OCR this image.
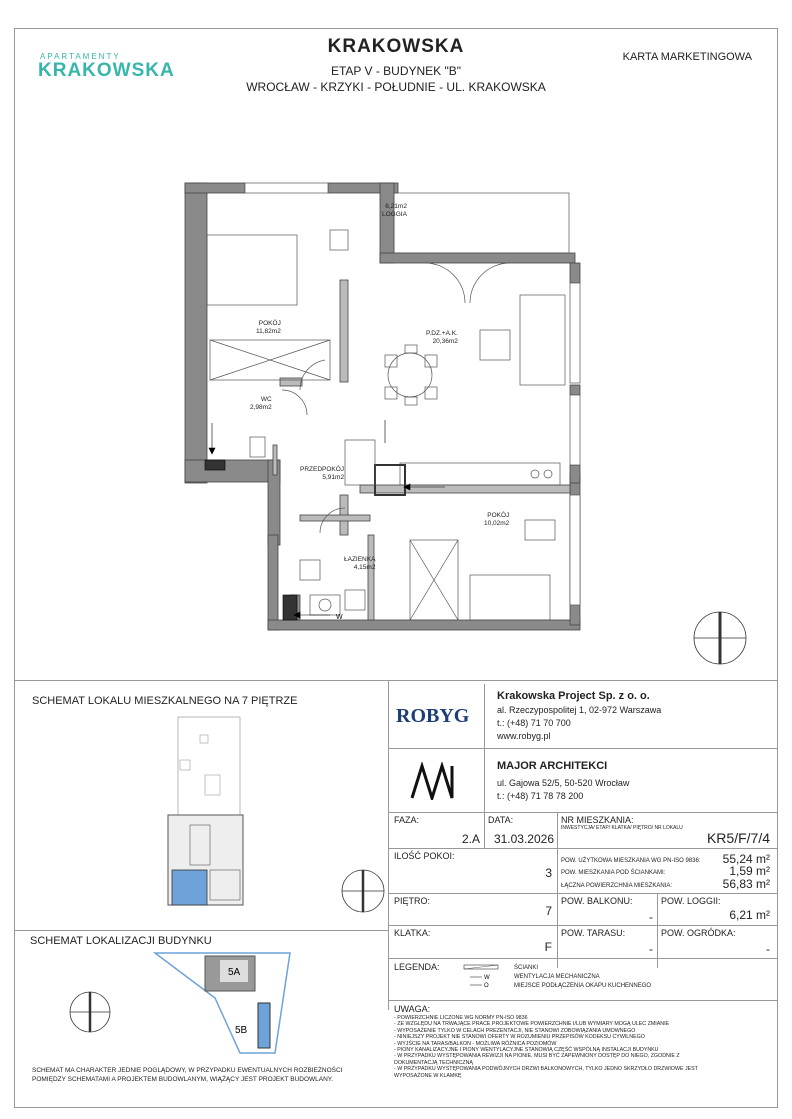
APARTAMENTY
KRAKOWSKA
KRAKOWSKA
ETAP V - BUDYNEK "B"
WROCŁAW - KRZYKI - POŁUDNIE - UL. KRAKOWSKA
KARTA MARKETINGOWA
W
6,21m2
LOGGIA
POKÓJ
11,82m2	P.DZ.+A.K.
20,36m2
WC
2,98m2
PRZEDPOKÓJ
5,91m2
POKÓJ
10,02m2
ŁAZIENKA
4,15m2
SCHEMAT LOKALU MIESZKALNEGO NA 7 PIĘTRZE
SCHEMAT LOKALIZACJI BUDYNKU
5A
5B
SCHEMAT MA CHARAKTER JEDNIE POGLĄDOWY, W PRZYPADKU EWENTUALNYCH ROZBIEŻNOŚCI POMIĘDZY SCHEMATAMI A PROJEKTEM BUDOWLANYM, WIĄŻĄCY JEST PROJEKT BUDOWLANY.
ROBYG
Krakowska Project Sp. z o. o.
al. Rzeczypospolitej 1, 02-972 Warszawa
t.: (+48) 71 70 700
www.robyg.pl
MAJOR ARCHITEKCI
ul. Gajowa 52/5, 50-520 Wrocław
t.: (+48) 71 78 78 200
FAZA:
2.A
DATA:
31.03.2026
NR MIESZKANIA:
INWESTYCJA/ ETAP/ KLATKA/ PIĘTRO/ NR LOKALU
KR5/F/7/4
ILOŚĆ POKOI:
3
POW. UŻYTKOWA MIESZKANIA WG PN-ISO 9836:	55,24 m²
POW. MIESZKANIA POD ŚCIANKAMI:	1,59 m²
ŁĄCZNA POWIERZCHNIA MIESZKANIA:	56,83 m²
PIĘTRO:
7
POW. BALKONU:
-
POW. LOGGII:
6,21 m²
KLATKA:
F
POW. TARASU:
-
POW. OGRÓDKA:
-
LEGENDA:
W
O
ŚCIANKI
WENTYLACJA MECHANICZNA
MIEJSCE PODŁĄCZENIA OKAPU KUCHENNEGO
UWAGA:
- POWIERZCHNIE LICZONE WG NORMY PN-ISO 9836
- ZE WZGLĘDU NA TRWAJĄCE PRACE PROJEKTOWE POWIERZCHNIE I/LUB WYMIARY MOGĄ ULEC ZMIANIE
- WYPOSAŻENIE TYLKO W CELACH PREZENTACJI, NIE STANOWI ZOBOWIĄZANIA UMOWNEGO
- NINIEJSZY PROJEKT NIE STANOWI OFERTY W ROZUMIENIU PRZEPISÓW KODEKSU CYWILNEGO
- WYJŚCIE NA TARAS/BALKON - MOŻLIWA RÓŻNICA POZIOMÓW
- PIONY KANALIZACYJNE I PIONY WENTYLACYJNE STANOWIĄ CZĘŚĆ WSPÓLNĄ INSTALACJI BUDYNKU
- W PRZYPADKU WYSTĘPOWANIA REWIZJI NA PIONIE, MUSI BYĆ ZAPEWNIONY DOSTĘP DO NIEGO, ZGODNIE Z DOKUMENTACJĄ TECHNICZNĄ
- W PRZYPADKU WYSTĘPOWANIA PODWÓJNYCH DRZWI BALKONOWYCH, TYLKO JEDNO SKRZYDŁO DRZWIOWE JEST WYPOSAŻONE W KLAMKĘ
